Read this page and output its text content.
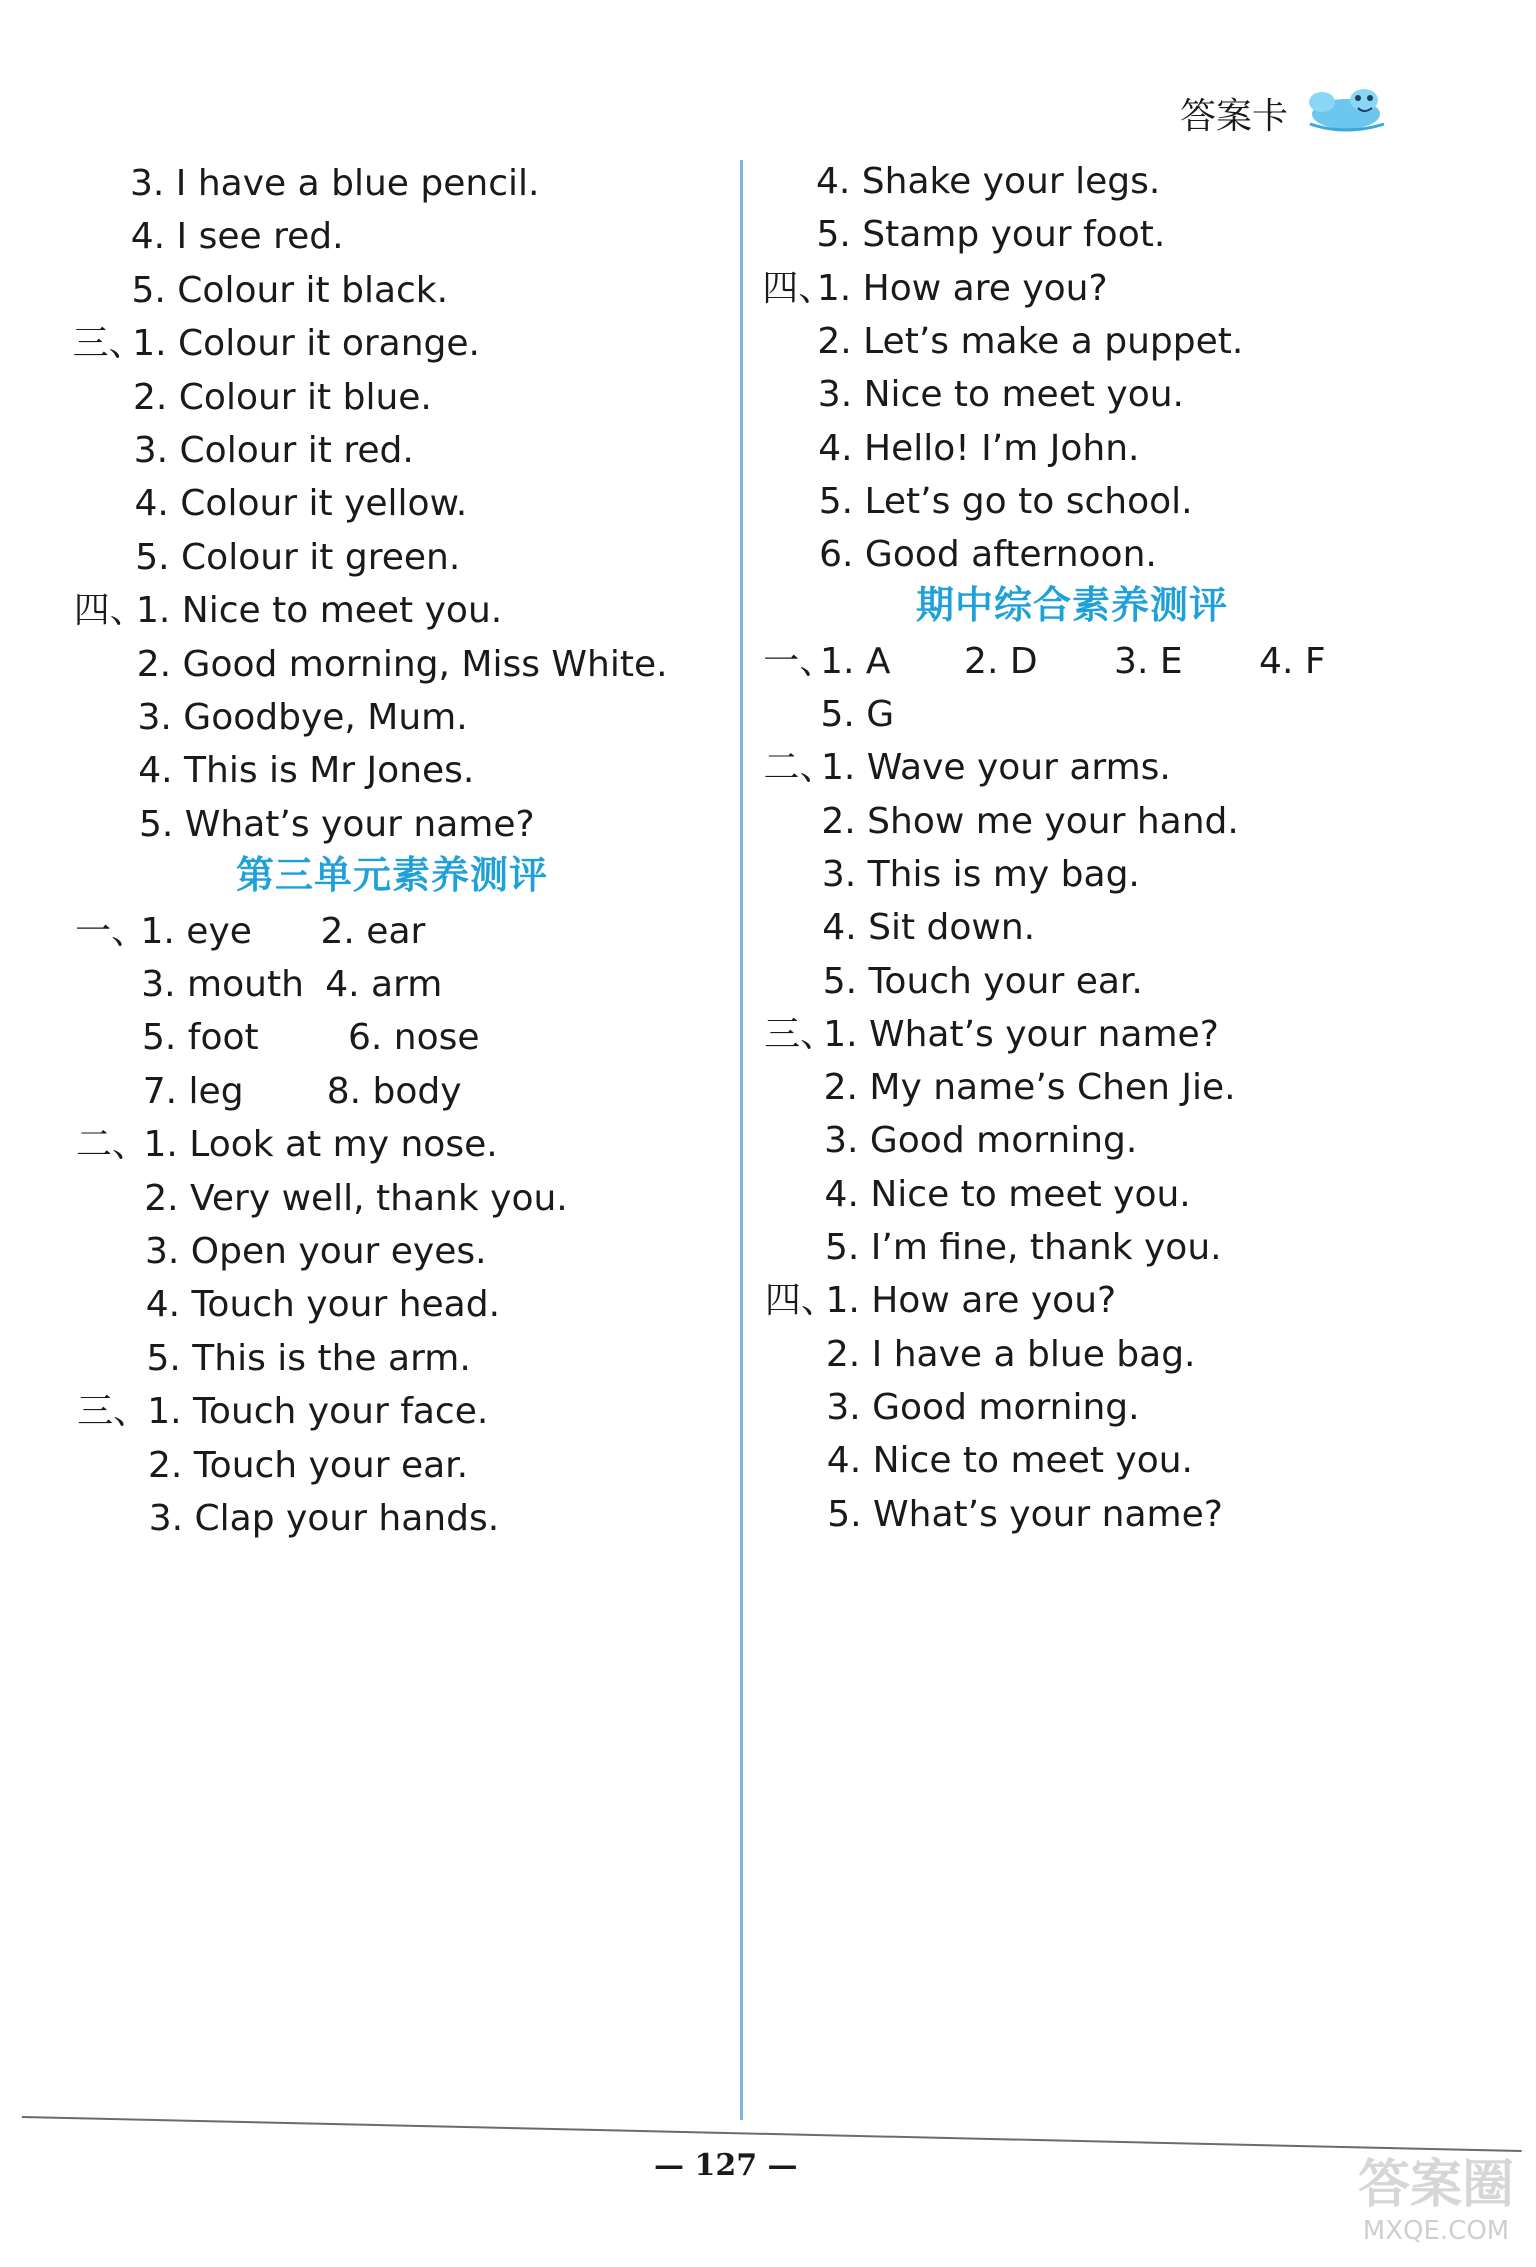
答案卡
3. I have a blue pencil.
4. I see red.
5. Colour it black.
三、
1. Colour it orange.
2. Colour it blue.
3. Colour it red.
4. Colour it yellow.
5. Colour it green.
四、
1. Nice to meet you.
2. Good morning, Miss White.
3. Goodbye, Mum.
4. This is Mr Jones.
5. What’s your name?
第三单元素养测评
一、
1. eye 2. ear
3. mouth 4. arm
5. foot 6. nose
7. leg 8. body
二、
1. Look at my nose.
2. Very well, thank you.
3. Open your eyes.
4. Touch your head.
5. This is the arm.
三、
1. Touch your face.
2. Touch your ear.
3. Clap your hands.
4. Shake your legs.
5. Stamp your foot.
四、
1. How are you?
2. Let’s make a puppet.
3. Nice to meet you.
4. Hello! I’m John.
5. Let’s go to school.
6. Good afternoon.
期中综合素养测评
一、
1. A 2. D 3. E 4. F
5. G
二、
1. Wave your arms.
2. Show me your hand.
3. This is my bag.
4. Sit down.
5. Touch your ear.
三、
1. What’s your name?
2. My name’s Chen Jie.
3. Good morning.
4. Nice to meet you.
5. I’m fine, thank you.
四、
1. How are you?
2. I have a blue bag.
3. Good morning.
4. Nice to meet you.
5. What’s your name?
— 127 —	答案圈
MXQE.COM
